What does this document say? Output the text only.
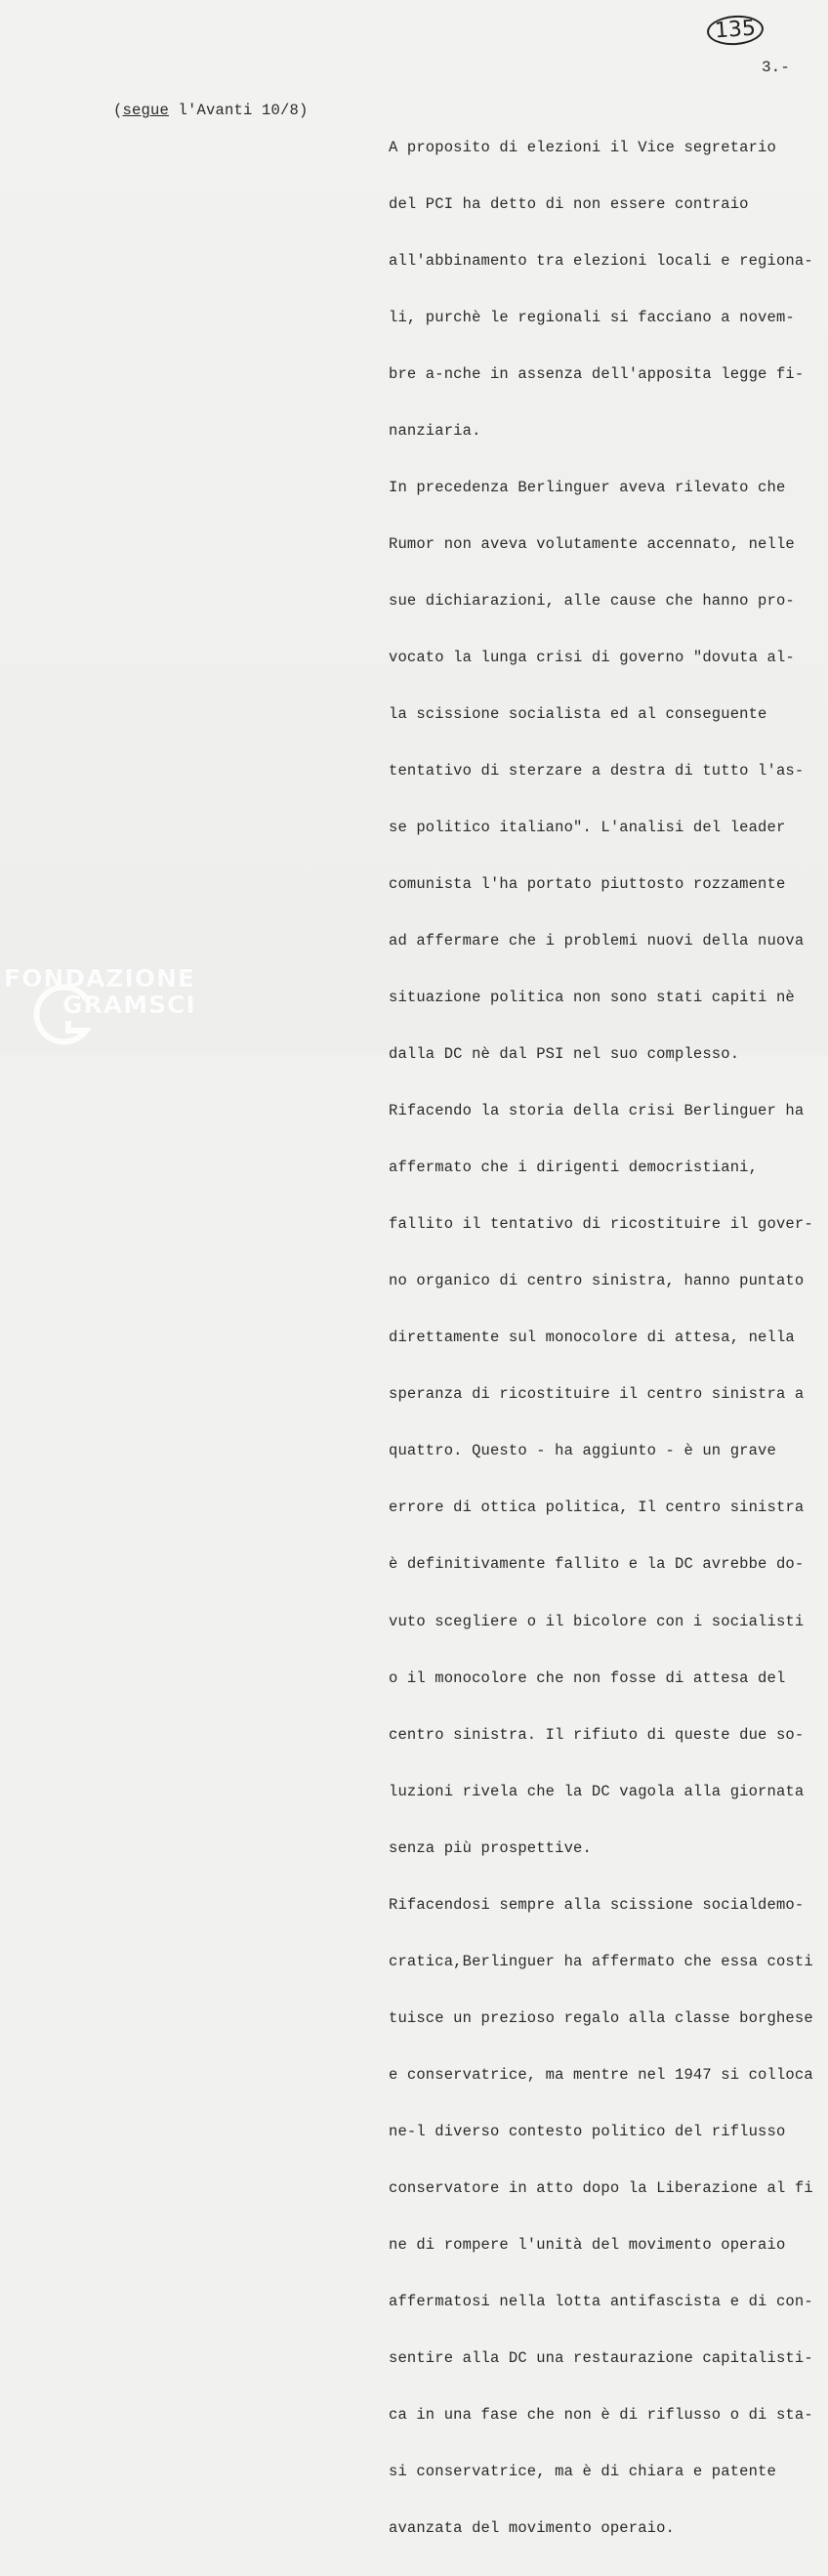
135
3.-
(segue l'Avanti 10/8)

A proposito di elezioni il Vice segretario

del PCI ha detto di non essere contraio

all'abbinamento tra elezioni locali e regiona-

li, purchè le regionali si facciano a novem-

bre a-nche in assenza dell'apposita legge fi-

nanziaria.

In precedenza Berlinguer aveva rilevato che

Rumor non aveva volutamente accennato, nelle

sue dichiarazioni, alle cause che hanno pro-

vocato la lunga crisi di governo "dovuta al-

la scissione socialista ed al conseguente

tentativo di sterzare a destra di tutto l'as-

se politico italiano". L'analisi del leader

comunista l'ha portato piuttosto rozzamente

ad affermare che i problemi nuovi della nuova

situazione politica non sono stati capiti nè

dalla DC nè dal PSI nel suo complesso.

Rifacendo la storia della crisi Berlinguer ha

affermato che i dirigenti democristiani,

fallito il tentativo di ricostituire il gover-

no organico di centro sinistra, hanno puntato

direttamente sul monocolore di attesa, nella

speranza di ricostituire il centro sinistra a

quattro. Questo - ha aggiunto - è un grave

errore di ottica politica, Il centro sinistra

è definitivamente fallito e la DC avrebbe do-

vuto scegliere o il bicolore con i socialisti

o il monocolore che non fosse di attesa del

centro sinistra. Il rifiuto di queste due so-

luzioni rivela che la DC vagola alla giornata

senza più prospettive.

Rifacendosi sempre alla scissione socialdemo-

cratica,Berlinguer ha affermato che essa costi

tuisce un prezioso regalo alla classe borghese

e conservatrice, ma mentre nel 1947 si colloca

ne-l diverso contesto politico del riflusso

conservatore in atto dopo la Liberazione al fi

ne di rompere l'unità del movimento operaio

affermatosi nella lotta antifascista e di con-

sentire alla DC una restaurazione capitalisti-

ca in una fase che non è di riflusso o di sta-

si conservatrice, ma è di chiara e patente

avanzata del movimento operaio.

FONDAZIONE
GRAMSCI
